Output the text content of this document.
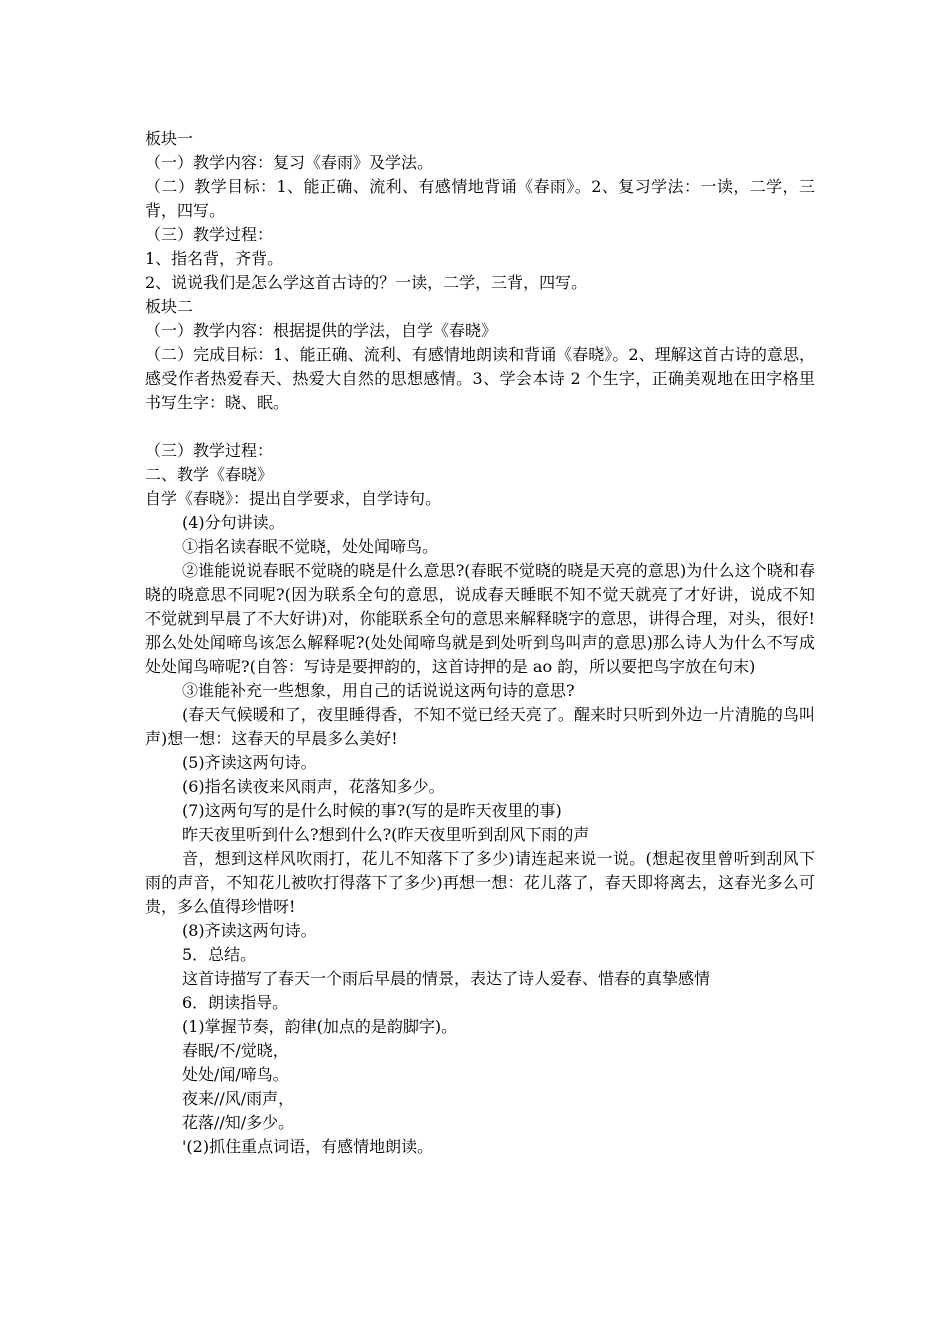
板块一

（一）教学内容：复习《春雨》及学法。

（二）教学目标：1、能正确、流利、有感情地背诵《春雨》。2、复习学法：一读，二学，三背，四写。

（三）教学过程：

1、指名背，齐背。

2、说说我们是怎么学这首古诗的？一读，二学，三背，四写。

板块二

（一）教学内容：根据提供的学法，自学《春晓》

（二）完成目标：1、能正确、流利、有感情地朗读和背诵《春晓》。2、理解这首古诗的意思，感受作者热爱春天、热爱大自然的思想感情。3、学会本诗 2 个生字，正确美观地在田字格里书写生字：晓、眠。

（三）教学过程：

二、教学《春晓》

自学《春晓》：提出自学要求，自学诗句。

(4)分句讲读。

①指名读春眠不觉晓，处处闻啼鸟。

②谁能说说春眠不觉晓的晓是什么意思?(春眠不觉晓的晓是天亮的意思)为什么这个晓和春晓的晓意思不同呢?(因为联系全句的意思，说成春天睡眠不知不觉天就亮了才好讲，说成不知不觉就到早晨了不大好讲)对，你能联系全句的意思来解释晓字的意思，讲得合理，对头，很好!那么处处闻啼鸟该怎么解释呢?(处处闻啼鸟就是到处听到鸟叫声的意思)那么诗人为什么不写成处处闻鸟啼呢?(自答：写诗是要押韵的，这首诗押的是 ao 韵，所以要把鸟字放在句末)

③谁能补充一些想象，用自己的话说说这两句诗的意思?

(春天气候暖和了，夜里睡得香，不知不觉已经天亮了。醒来时只听到外边一片清脆的鸟叫声)想一想：这春天的早晨多么美好!

(5)齐读这两句诗。

(6)指名读夜来风雨声，花落知多少。

(7)这两句写的是什么时候的事?(写的是昨天夜里的事)

昨天夜里听到什么?想到什么?(昨天夜里听到刮风下雨的声

音，想到这样风吹雨打，花儿不知落下了多少)请连起来说一说。(想起夜里曾听到刮风下雨的声音，不知花儿被吹打得落下了多少)再想一想：花儿落了，春天即将离去，这春光多么可贵，多么值得珍惜呀!

(8)齐读这两句诗。

5．总结。

这首诗描写了春天一个雨后早晨的情景，表达了诗人爱春、惜春的真挚感情

6．朗读指导。

(1)掌握节奏，韵律(加点的是韵脚字)。

春眠/不/觉晓，

处处/闻/啼鸟。

夜来//风/雨声，

花落//知/多少。

'(2)抓住重点词语，有感情地朗读。
